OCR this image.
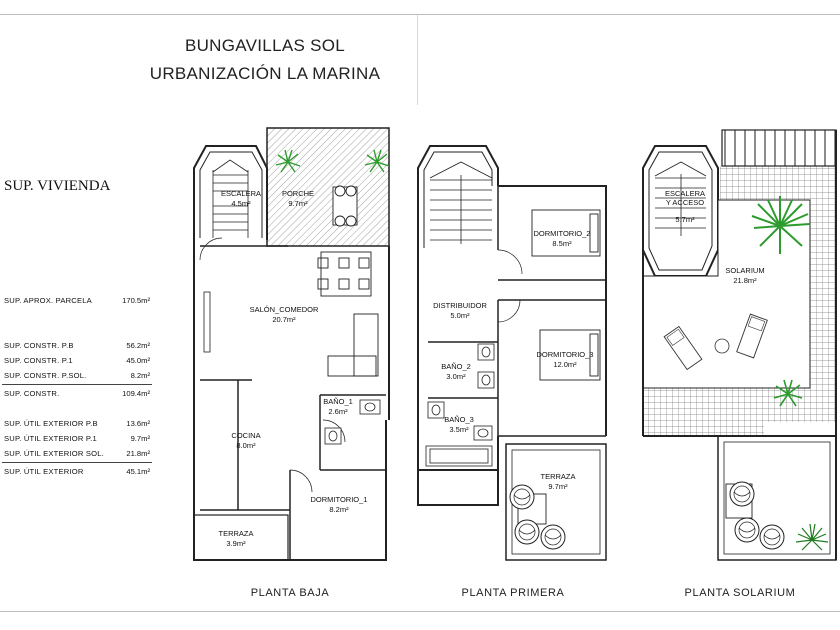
BUNGAVILLAS SOL
URBANIZACIÓN LA MARINA
SUP. VIVIENDA
SUP. APROX. PARCELA	170.5m²
SUP. CONSTR. P.B	56.2m²
SUP. CONSTR. P.1	45.0m²
SUP. CONSTR. P.SOL.	8.2m²
SUP. CONSTR.	109.4m²
SUP. ÚTIL EXTERIOR P.B	13.6m²
SUP. ÚTIL EXTERIOR P.1	9.7m²
SUP. ÚTIL EXTERIOR SOL.	21.8m²
SUP. ÚTIL EXTERIOR	45.1m²
ESCALERA
4.5m²
PORCHE
9.7m²
SALÓN_COMEDOR
20.7m²
BAÑO_1
2.6m²
COCINA
8.0m²
DORMITORIO_1
8.2m²
TERRAZA
3.9m²
DORMITORIO_2
8.5m²
DISTRIBUIDOR
5.0m²
DORMITORIO_3
12.0m²
BAÑO_2
3.0m²
BAÑO_3
3.5m²
TERRAZA
9.7m²
ESCALERA
Y ACCESO
5.7m²
SOLARIUM
21.8m²
PLANTA BAJA	PLANTA PRIMERA	PLANTA SOLARIUM
